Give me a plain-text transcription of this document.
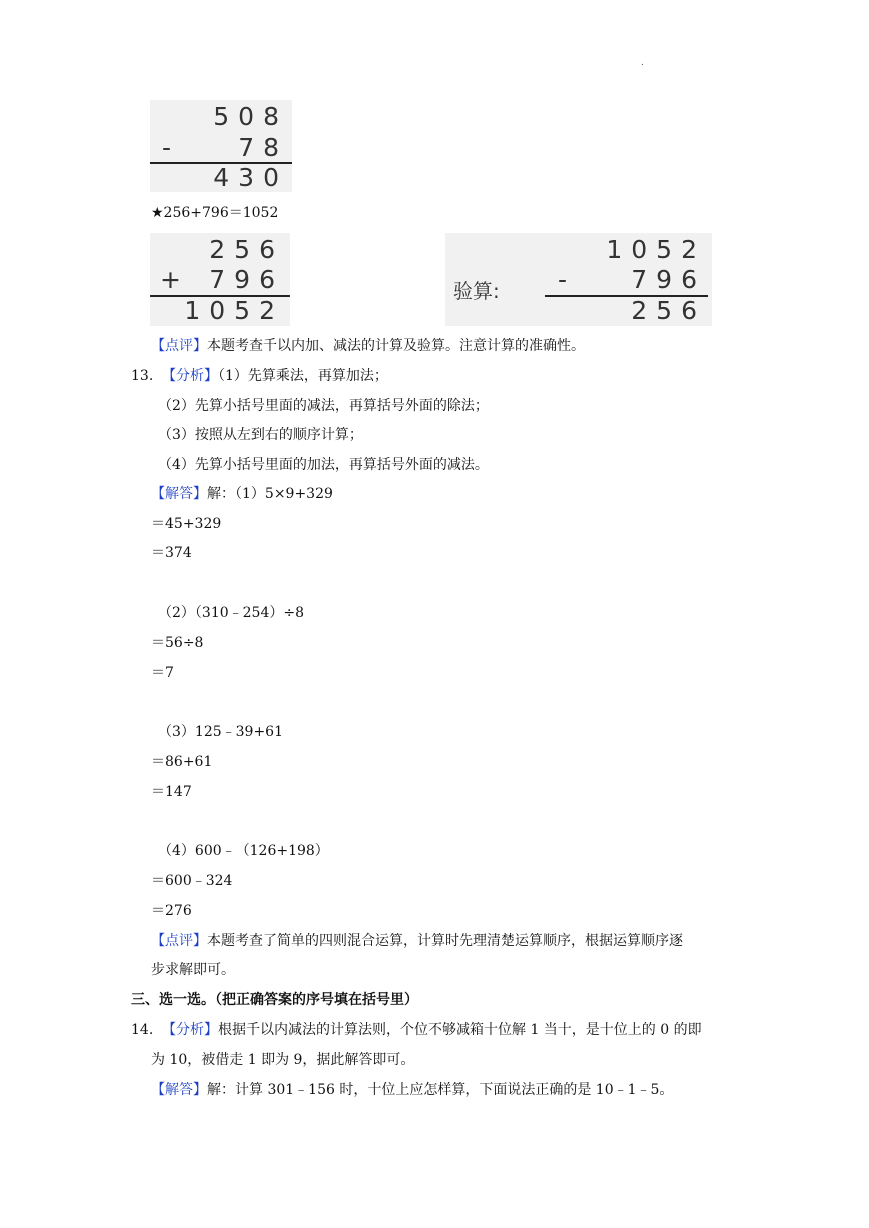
.
508
-	78
430
★256+796＝1052
256
+ 796
1052
验算:
1052
-	796
256
【点评】本题考查千以内加、减法的计算及验算。注意计算的准确性。
13. 【分析】（1）先算乘法，再算加法；
（2）先算小括号里面的减法，再算括号外面的除法；
（3）按照从左到右的顺序计算；
（4）先算小括号里面的加法，再算括号外面的减法。
【解答】解：（1）5×9+329
＝45+329
＝374
（2）（310﹣254）÷8
＝56÷8
＝7
（3）125﹣39+61
＝86+61
＝147
（4）600﹣（126+198）
＝600﹣324
＝276
【点评】本题考查了简单的四则混合运算，计算时先理清楚运算顺序，根据运算顺序逐
步求解即可。
三、选一选。（把正确答案的序号填在括号里）
14. 【分析】根据千以内减法的计算法则，个位不够减箱十位解 1 当十，是十位上的 0 的即
为 10，被借走 1 即为 9，据此解答即可。
【解答】解：计算 301﹣156 时，十位上应怎样算，下面说法正确的是 10﹣1﹣5。
